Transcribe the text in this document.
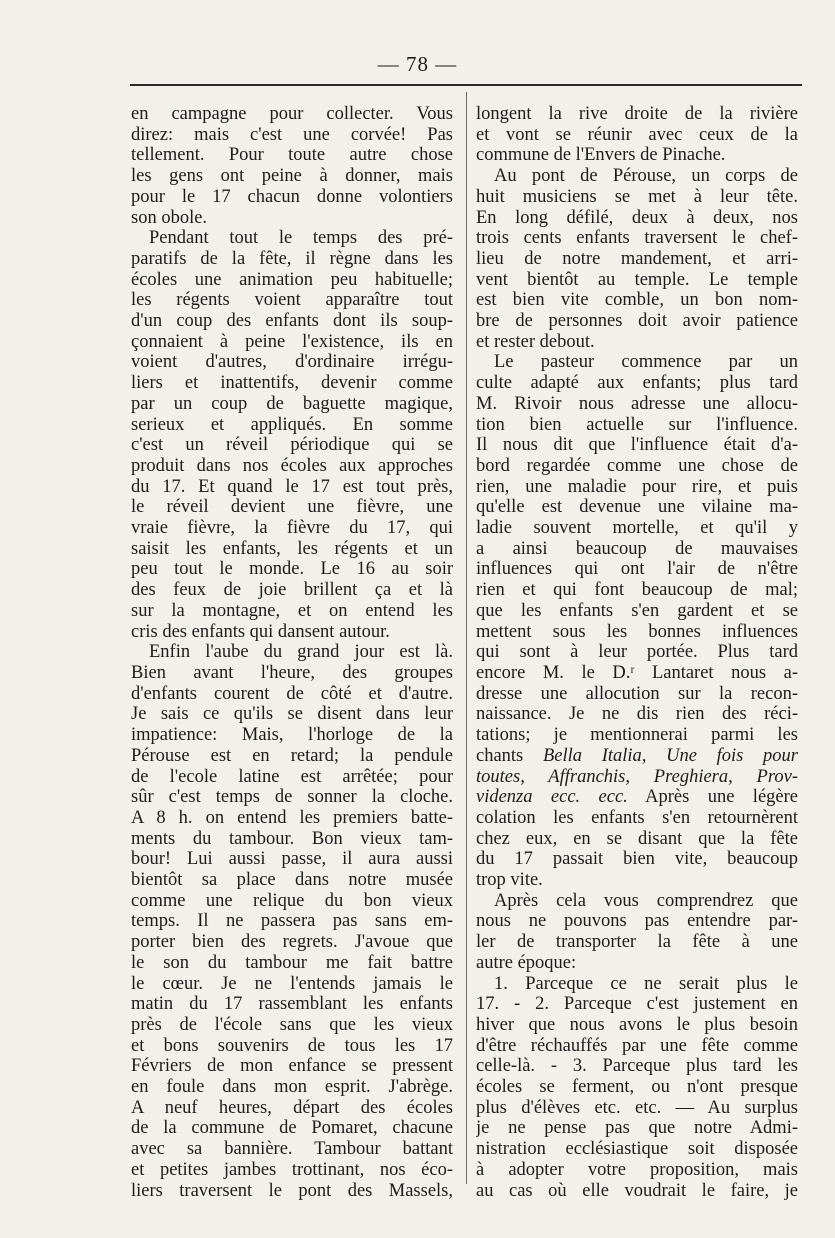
— 78 —
en campagne pour collecter. Vous
direz: mais c'est une corvée! Pas
tellement. Pour toute autre chose
les gens ont peine à donner, mais
pour le 17 chacun donne volontiers
son obole.
Pendant tout le temps des pré-
paratifs de la fête, il règne dans les
écoles une animation peu habituelle;
les régents voient apparaître tout
d'un coup des enfants dont ils soup-
çonnaient à peine l'existence, ils en
voient d'autres, d'ordinaire irrégu-
liers et inattentifs, devenir comme
par un coup de baguette magique,
serieux et appliqués. En somme
c'est un réveil périodique qui se
produit dans nos écoles aux approches
du 17. Et quand le 17 est tout près,
le réveil devient une fièvre, une
vraie fièvre, la fièvre du 17, qui
saisit les enfants, les régents et un
peu tout le monde. Le 16 au soir
des feux de joie brillent ça et là
sur la montagne, et on entend les
cris des enfants qui dansent autour.
Enfin l'aube du grand jour est là.
Bien avant l'heure, des groupes
d'enfants courent de côté et d'autre.
Je sais ce qu'ils se disent dans leur
impatience: Mais, l'horloge de la
Pérouse est en retard; la pendule
de l'ecole latine est arrêtée; pour
sûr c'est temps de sonner la cloche.
A 8 h. on entend les premiers batte-
ments du tambour. Bon vieux tam-
bour! Lui aussi passe, il aura aussi
bientôt sa place dans notre musée
comme une relique du bon vieux
temps. Il ne passera pas sans em-
porter bien des regrets. J'avoue que
le son du tambour me fait battre
le cœur. Je ne l'entends jamais le
matin du 17 rassemblant les enfants
près de l'école sans que les vieux
et bons souvenirs de tous les 17
Févriers de mon enfance se pressent
en foule dans mon esprit. J'abrège.
A neuf heures, départ des écoles
de la commune de Pomaret, chacune
avec sa bannière. Tambour battant
et petites jambes trottinant, nos éco-
liers traversent le pont des Massels,
longent la rive droite de la rivière
et vont se réunir avec ceux de la
commune de l'Envers de Pinache.
Au pont de Pérouse, un corps de
huit musiciens se met à leur tête.
En long défilé, deux à deux, nos
trois cents enfants traversent le chef-
lieu de notre mandement, et arri-
vent bientôt au temple. Le temple
est bien vite comble, un bon nom-
bre de personnes doit avoir patience
et rester debout.
Le pasteur commence par un
culte adapté aux enfants; plus tard
M. Rivoir nous adresse une allocu-
tion bien actuelle sur l'influence.
Il nous dit que l'influence était d'a-
bord regardée comme une chose de
rien, une maladie pour rire, et puis
qu'elle est devenue une vilaine ma-
ladie souvent mortelle, et qu'il y
a ainsi beaucoup de mauvaises
influences qui ont l'air de n'être
rien et qui font beaucoup de mal;
que les enfants s'en gardent et se
mettent sous les bonnes influences
qui sont à leur portée. Plus tard
encore M. le D.ʳ Lantaret nous a-
dresse une allocution sur la recon-
naissance. Je ne dis rien des réci-
tations; je mentionnerai parmi les
chants Bella Italia, Une fois pour
toutes, Affranchis, Preghiera, Prov-
videnza ecc. ecc. Après une légère
colation les enfants s'en retournèrent
chez eux, en se disant que la fête
du 17 passait bien vite, beaucoup
trop vite.
Après cela vous comprendrez que
nous ne pouvons pas entendre par-
ler de transporter la fête à une
autre époque:
1. Parceque ce ne serait plus le
17. - 2. Parceque c'est justement en
hiver que nous avons le plus besoin
d'être réchauffés par une fête comme
celle-là. - 3. Parceque plus tard les
écoles se ferment, ou n'ont presque
plus d'élèves etc. etc. — Au surplus
je ne pense pas que notre Admi-
nistration ecclésiastique soit disposée
à adopter votre proposition, mais
au cas où elle voudrait le faire, je
